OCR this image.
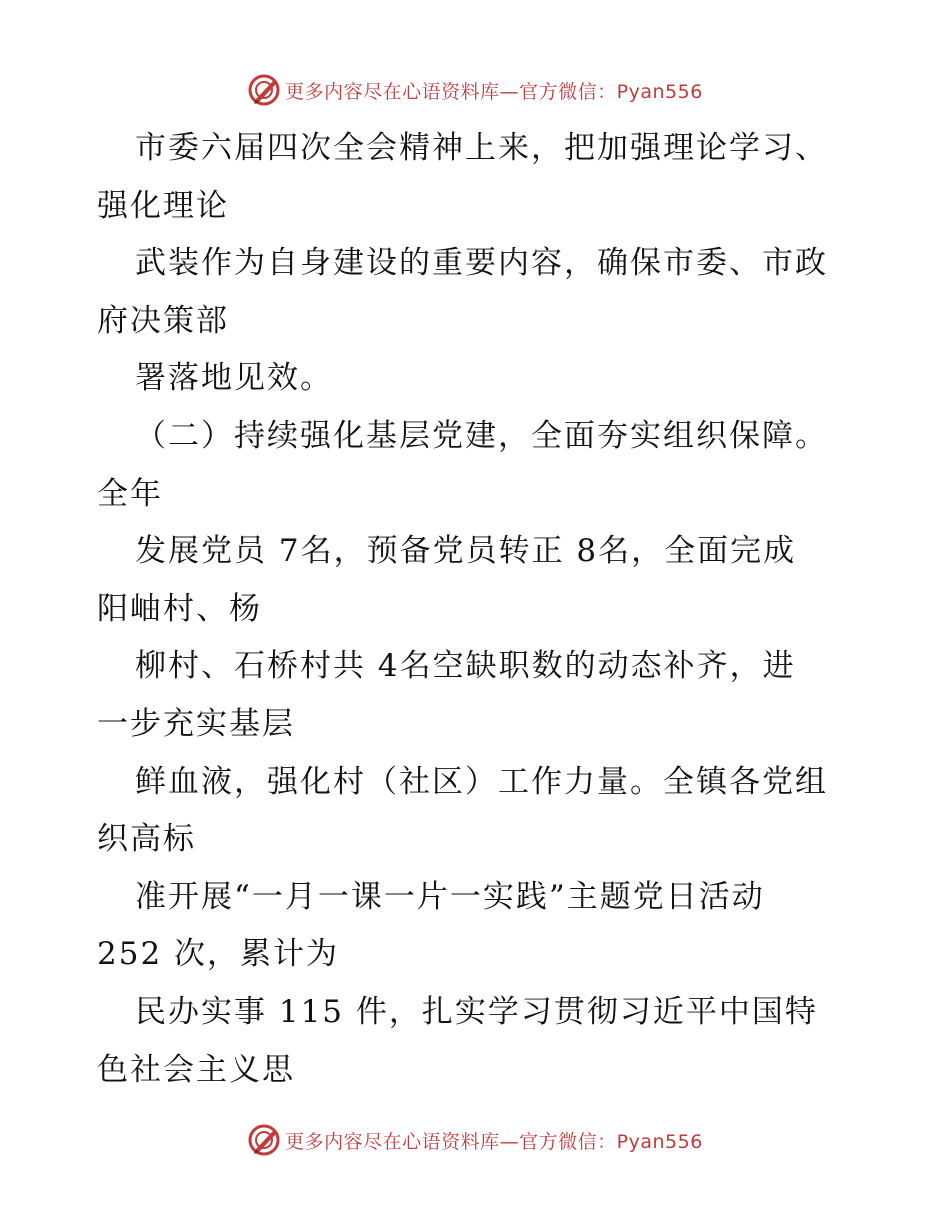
更多内容尽在心语资料库—官方微信：Pyan556
市委六届四次全会精神上来，把加强理论学习、
强化理论
武装作为自身建设的重要内容，确保市委、市政
府决策部
署落地见效。
（二）持续强化基层党建，全面夯实组织保障。
全年
发展党员 7名，预备党员转正 8名，全面完成
阳岫村、杨
柳村、石桥村共 4名空缺职数的动态补齐，进
一步充实基层
鲜血液，强化村（社区）工作力量。全镇各党组
织高标
准开展“一月一课一片一实践”主题党日活动
252 次，累计为
民办实事 115 件，扎实学习贯彻习近平中国特
色社会主义思
更多内容尽在心语资料库—官方微信：Pyan556
